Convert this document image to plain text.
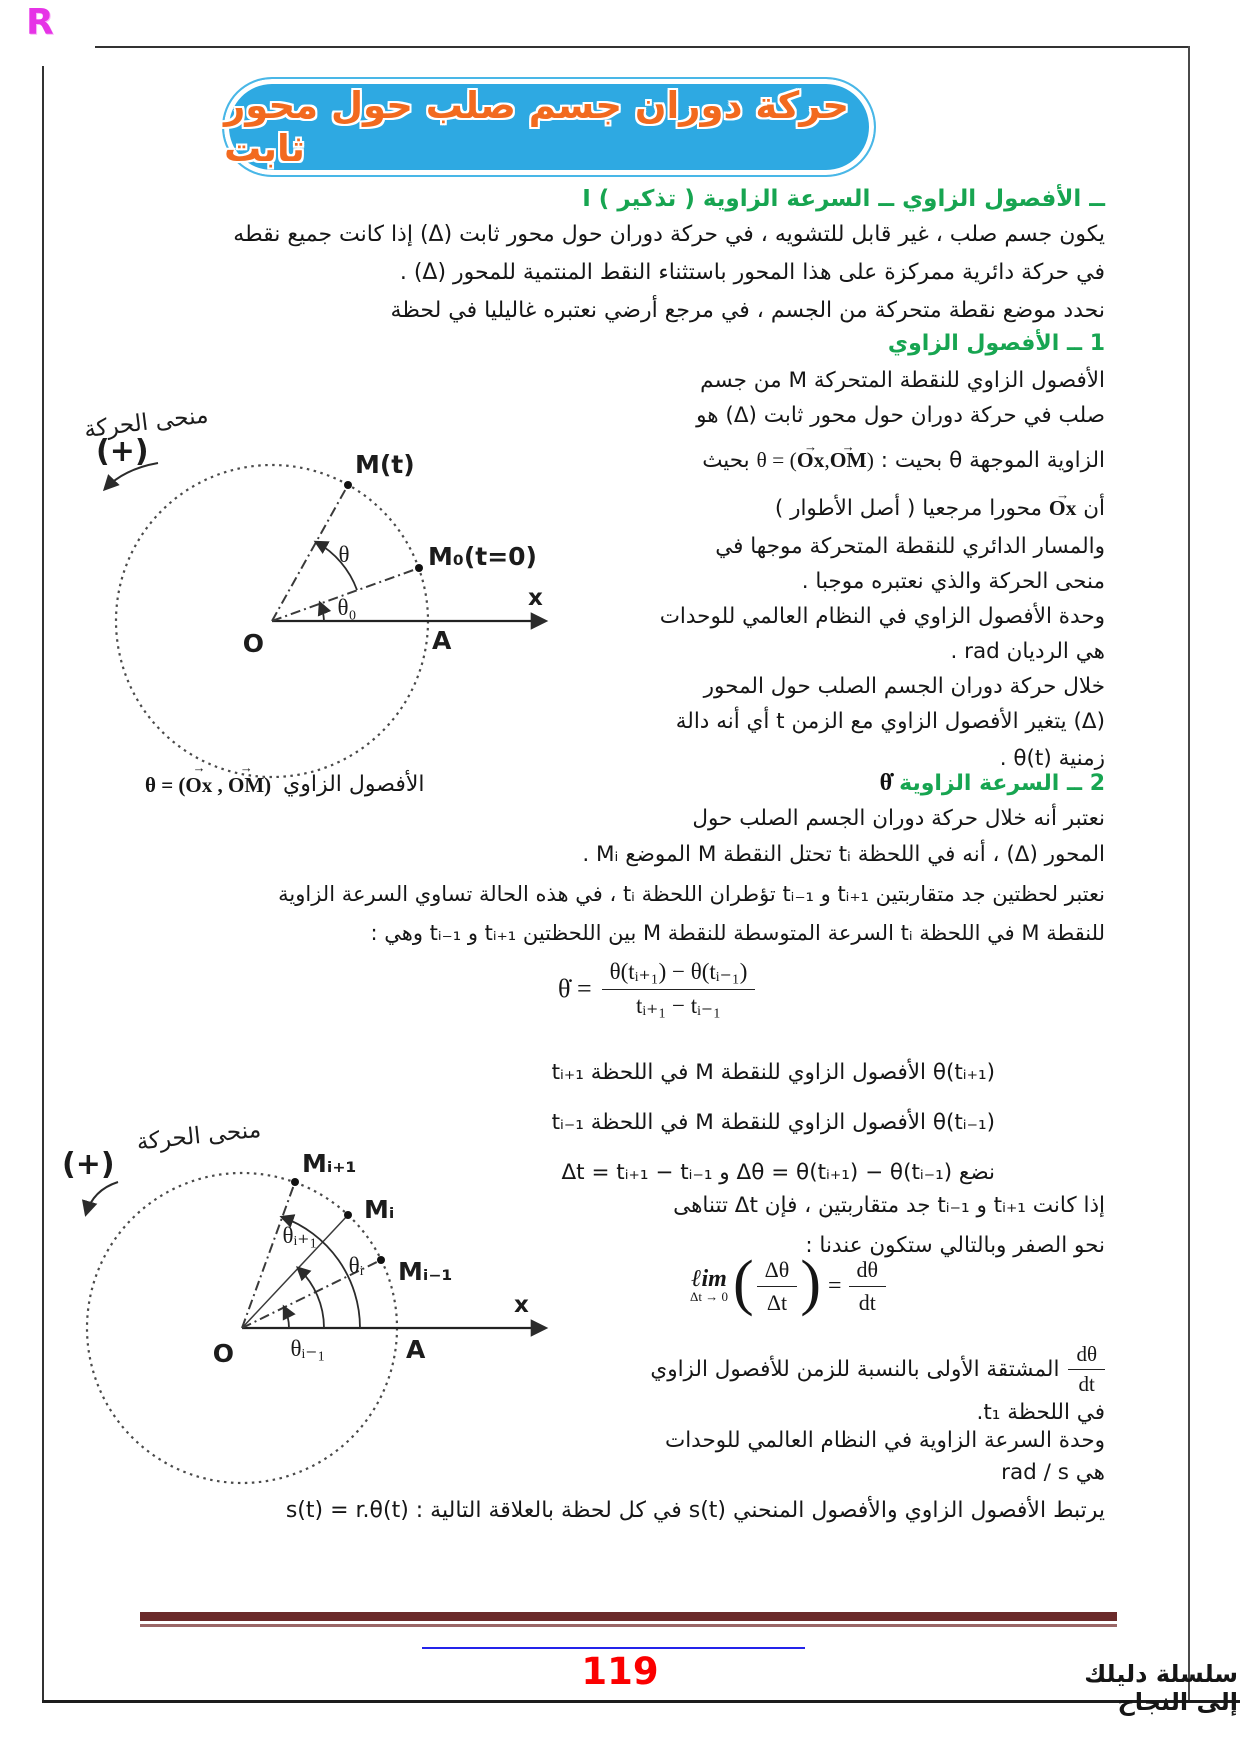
R
حركة دوران جسم صلب حول محور ثابت
I ــ الأفصول الزاوي ــ السرعة الزاوية ( تذكير )
يكون جسم صلب ، غير قابل للتشويه ، في حركة دوران حول محور ثابت (Δ) إذا كانت جميع نقطه
في حركة دائرية ممركزة على هذا المحور باستثناء النقط المنتمية للمحور (Δ) .
نحدد موضع نقطة متحركة من الجسم ، في مرجع أرضي نعتبره غاليليا في لحظة
1 ــ الأفصول الزاوي
الأفصول الزاوي للنقطة المتحركة M من جسم
صلب في حركة دوران حول محور ثابت (Δ) هو
الزاوية الموجهة θ بحيت : θ = (→ Ox,→ OM) بحيث
أن → Ox محورا مرجعيا ( أصل الأطوار )
والمسار الدائري للنقطة المتحركة موجها في
منحى الحركة والذي نعتبره موجبا .
وحدة الأفصول الزاوي في النظام العالمي للوحدات
هي الرديان rad .
خلال حركة دوران الجسم الصلب حول المحور
(Δ) يتغير الأفصول الزاوي مع الزمن t أي أنه دالة
زمنية θ(t) .
M(t)
M₀(t=0)
θ
θ₀
O	A
x
منحى الحركة
(+)
θ = (→ Ox , → OM) الأفصول الزاوي	2 ــ السرعة الزاوية θ̇
نعتبر أنه خلال حركة دوران الجسم الصلب حول
المحور (Δ) ، أنه في اللحظة tᵢ تحتل النقطة M الموضع Mᵢ .
نعتبر لحظتين جد متقاربتين tᵢ₊₁ و tᵢ₋₁ تؤطران اللحظة tᵢ ، في هذه الحالة تساوي السرعة الزاوية
للنقطة M في اللحظة tᵢ السرعة المتوسطة للنقطة M بين اللحظتين tᵢ₊₁ و tᵢ₋₁ وهي :
θ̇ = $\frac{\text{θ(tᵢ₊₁) − θ(tᵢ₋₁)}}{\text{tᵢ₊₁ − tᵢ₋₁}}$
θ(tᵢ₊₁) الأفصول الزاوي للنقطة M في اللحظة tᵢ₊₁
θ(tᵢ₋₁) الأفصول الزاوي للنقطة M في اللحظة tᵢ₋₁
نضع Δθ = θ(tᵢ₊₁) − θ(tᵢ₋₁) و Δt = tᵢ₊₁ − tᵢ₋₁
إذا كانت tᵢ₊₁ و tᵢ₋₁ جد متقاربتين ، فإن Δt تتناهى
نحو الصفر وبالتالي ستكون عندنا :
ℓim
Δt → 0 ( $\frac{\Delta\theta}{\Delta t}$ ) = $\frac{d\theta}{dt}$
$\frac{d\theta}{dt}$
المشتقة الأولى بالنسبة للزمن للأفصول الزاوي
في اللحظة t₁.
وحدة السرعة الزاوية في النظام العالمي للوحدات
هي rad / s
يرتبط الأفصول الزاوي والأفصول المنحني s(t) في كل لحظة بالعلاقة التالية : s(t) = r.θ(t)
Mᵢ₊₁
Mᵢ
Mᵢ₋₁
θᵢ₊₁
θᵢ
θᵢ₋₁
O	A
x
منحى الحركة
(+)
119	سلسلة دليلك إلى النجاح
